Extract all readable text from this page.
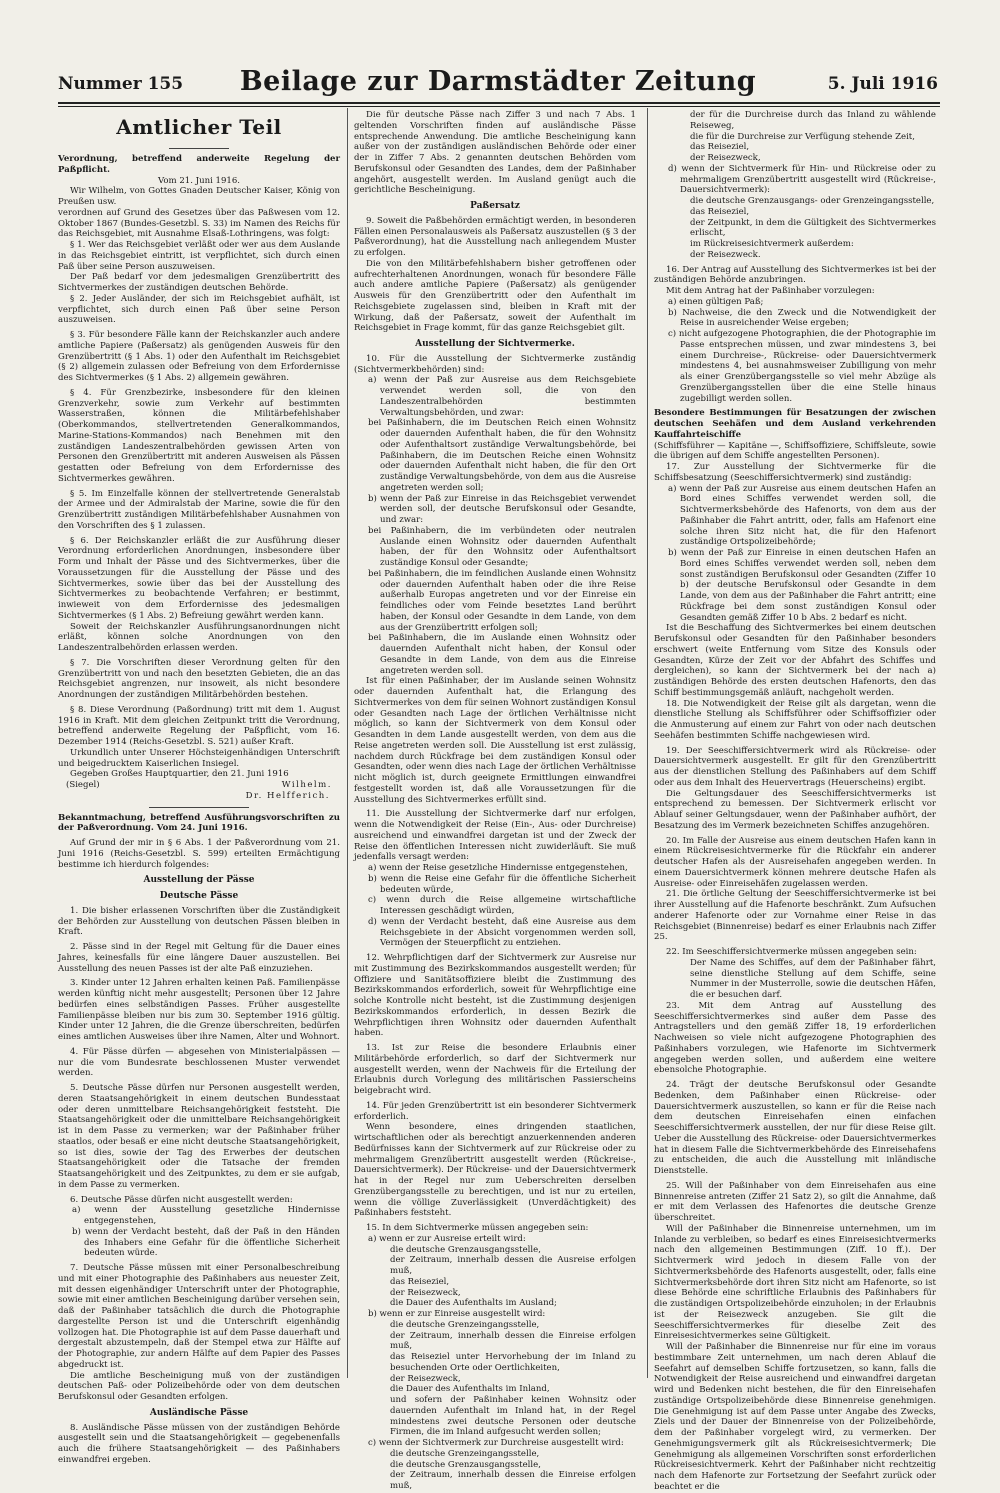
Nummer 155	Beilage zur Darmstädter Zeitung	5. Juli 1916
Amtlicher Teil

Verordnung, betreffend anderweite Regelung der Paßpflicht.

Vom 21. Juni 1916.

Wir Wilhelm, von Gottes Gnaden Deutscher Kaiser, König von Preußen usw.

verordnen auf Grund des Gesetzes über das Paßwesen vom 12. Oktober 1867 (Bundes-Gesetzbl. S. 33) im Namen des Reichs für das Reichsgebiet, mit Ausnahme Elsaß-Lothringens, was folgt:

§ 1. Wer das Reichsgebiet verläßt oder wer aus dem Auslande in das Reichsgebiet eintritt, ist verpflichtet, sich durch einen Paß über seine Person auszuweisen.

Der Paß bedarf vor dem jedesmaligen Grenzübertritt des Sichtvermerkes der zuständigen deutschen Behörde.

§ 2. Jeder Ausländer, der sich im Reichsgebiet aufhält, ist verpflichtet, sich durch einen Paß über seine Person auszuweisen.

§ 3. Für besondere Fälle kann der Reichskanzler auch andere amtliche Papiere (Paßersatz) als genügenden Ausweis für den Grenzübertritt (§ 1 Abs. 1) oder den Aufenthalt im Reichsgebiet (§ 2) allgemein zulassen oder Befreiung von dem Erfordernisse des Sichtvermerkes (§ 1 Abs. 2) allgemein gewähren.

§ 4. Für Grenzbezirke, insbesondere für den kleinen Grenzverkehr, sowie zum Verkehr auf bestimmten Wasserstraßen, können die Militärbefehlshaber (Oberkommandos, stellvertretenden Generalkommandos, Marine-Stations-Kommandos) nach Benehmen mit den zuständigen Landeszentralbehörden gewissen Arten von Personen den Grenzübertritt mit anderen Ausweisen als Pässen gestatten oder Befreiung von dem Erfordernisse des Sichtvermerkes gewähren.

§ 5. Im Einzelfalle können der stellvertretende Generalstab der Armee und der Admiralstab der Marine, sowie die für den Grenzübertritt zuständigen Militärbefehlshaber Ausnahmen von den Vorschriften des § 1 zulassen.

§ 6. Der Reichskanzler erläßt die zur Ausführung dieser Verordnung erforderlichen Anordnungen, insbesondere über Form und Inhalt der Pässe und des Sichtvermerkes, über die Voraussetzungen für die Ausstellung der Pässe und des Sichtvermerkes, sowie über das bei der Ausstellung des Sichtvermerkes zu beobachtende Verfahren; er bestimmt, inwieweit von dem Erfordernisse des jedesmaligen Sichtvermerkes (§ 1 Abs. 2) Befreiung gewährt werden kann.

Soweit der Reichskanzler Ausführungsanordnungen nicht erläßt, können solche Anordnungen von den Landeszentralbehörden erlassen werden.

§ 7. Die Vorschriften dieser Verordnung gelten für den Grenzübertritt von und nach den besetzten Gebieten, die an das Reichsgebiet angrenzen, nur insoweit, als nicht besondere Anordnungen der zuständigen Militärbehörden bestehen.

§ 8. Diese Verordnung (Paßordnung) tritt mit dem 1. August 1916 in Kraft. Mit dem gleichen Zeitpunkt tritt die Verordnung, betreffend anderweite Regelung der Paßpflicht, vom 16. Dezember 1914 (Reichs-Gesetzbl. S. 521) außer Kraft.

Urkundlich unter Unserer Höchsteigenhändigen Unterschrift und beigedrucktem Kaiserlichen Insiegel.

Gegeben Großes Hauptquartier, den 21. Juni 1916

(Siegel)	Wilhelm.

Dr. Helfferich.

Bekanntmachung, betreffend Ausführungsvorschriften zu der Paßverordnung. Vom 24. Juni 1916.

Auf Grund der mir in § 6 Abs. 1 der Paßverordnung vom 21. Juni 1916 (Reichs-Gesetzbl. S. 599) erteilten Ermächtigung bestimme ich hierdurch folgendes:

Ausstellung der Pässe
Deutsche Pässe

1. Die bisher erlassenen Vorschriften über die Zuständigkeit der Behörden zur Ausstellung von deutschen Pässen bleiben in Kraft.

2. Pässe sind in der Regel mit Geltung für die Dauer eines Jahres, keinesfalls für eine längere Dauer auszustellen. Bei Ausstellung des neuen Passes ist der alte Paß einzuziehen.

3. Kinder unter 12 Jahren erhalten keinen Paß. Familienpässe werden künftig nicht mehr ausgestellt; Personen über 12 Jahre bedürfen eines selbständigen Passes. Früher ausgestellte Familienpässe bleiben nur bis zum 30. September 1916 gültig. Kinder unter 12 Jahren, die die Grenze überschreiten, bedürfen eines amtlichen Ausweises über ihre Namen, Alter und Wohnort.

4. Für Pässe dürfen — abgesehen von Ministerialpässen — nur die vom Bundesrate beschlossenen Muster verwendet werden.

5. Deutsche Pässe dürfen nur Personen ausgestellt werden, deren Staatsangehörigkeit in einem deutschen Bundesstaat oder deren unmittelbare Reichsangehörigkeit feststeht. Die Staatsangehörigkeit oder die unmittelbare Reichsangehörigkeit ist in dem Passe zu vermerken; war der Paßinhaber früher staatlos, oder besaß er eine nicht deutsche Staatsangehörigkeit, so ist dies, sowie der Tag des Erwerbes der deutschen Staatsangehörigkeit oder die Tatsache der fremden Staatsangehörigkeit und des Zeitpunktes, zu dem er sie aufgab, in dem Passe zu vermerken.

6. Deutsche Pässe dürfen nicht ausgestellt werden:

a) wenn der Ausstellung gesetzliche Hindernisse entgegenstehen,

b) wenn der Verdacht besteht, daß der Paß in den Händen des Inhabers eine Gefahr für die öffentliche Sicherheit bedeuten würde.

7. Deutsche Pässe müssen mit einer Personalbeschreibung und mit einer Photographie des Paßinhabers aus neuester Zeit, mit dessen eigenhändiger Unterschrift unter der Photographie, sowie mit einer amtlichen Bescheinigung darüber versehen sein, daß der Paßinhaber tatsächlich die durch die Photographie dargestellte Person ist und die Unterschrift eigenhändig vollzogen hat. Die Photographie ist auf dem Passe dauerhaft und dergestalt abzustempeln, daß der Stempel etwa zur Hälfte auf der Photographie, zur andern Hälfte auf dem Papier des Passes abgedruckt ist.

Die amtliche Bescheinigung muß von der zuständigen deutschen Paß- oder Polizeibehörde oder von dem deutschen Berufskonsul oder Gesandten erfolgen.

Ausländische Pässe

8. Ausländische Pässe müssen von der zuständigen Behörde ausgestellt sein und die Staatsangehörigkeit — gegebenenfalls auch die frühere Staatsangehörigkeit — des Paßinhabers einwandfrei ergeben.

Die für deutsche Pässe nach Ziffer 3 und nach 7 Abs. 1 geltenden Vorschriften finden auf ausländische Pässe entsprechende Anwendung. Die amtliche Bescheinigung kann außer von der zuständigen ausländischen Behörde oder einer der in Ziffer 7 Abs. 2 genannten deutschen Behörden vom Berufskonsul oder Gesandten des Landes, dem der Paßinhaber angehört, ausgestellt werden. Im Ausland genügt auch die gerichtliche Bescheinigung.

Paßersatz

9. Soweit die Paßbehörden ermächtigt werden, in besonderen Fällen einen Personalausweis als Paßersatz auszustellen (§ 3 der Paßverordnung), hat die Ausstellung nach anliegendem Muster zu erfolgen.

Die von den Militärbefehlshabern bisher getroffenen oder aufrechterhaltenen Anordnungen, wonach für besondere Fälle auch andere amtliche Papiere (Paßersatz) als genügender Ausweis für den Grenzübertritt oder den Aufenthalt im Reichsgebiete zugelassen sind, bleiben in Kraft mit der Wirkung, daß der Paßersatz, soweit der Aufenthalt im Reichsgebiet in Frage kommt, für das ganze Reichsgebiet gilt.

Ausstellung der Sichtvermerke.

10. Für die Ausstellung der Sichtvermerke zuständig (Sichtvermerkbehörden) sind:

a) wenn der Paß zur Ausreise aus dem Reichsgebiete verwendet werden soll, die von den Landeszentralbehörden bestimmten Verwaltungsbehörden, und zwar:

bei Paßinhabern, die im Deutschen Reich einen Wohnsitz oder dauernden Aufenthalt haben, die für den Wohnsitz oder Aufenthaltsort zuständige Verwaltungsbehörde, bei Paßinhabern, die im Deutschen Reiche einen Wohnsitz oder dauernden Aufenthalt nicht haben, die für den Ort zuständige Verwaltungsbehörde, von dem aus die Ausreise angetreten werden soll;

b) wenn der Paß zur Einreise in das Reichsgebiet verwendet werden soll, der deutsche Berufskonsul oder Gesandte, und zwar:

bei Paßinhabern, die im verbündeten oder neutralen Auslande einen Wohnsitz oder dauernden Aufenthalt haben, der für den Wohnsitz oder Aufenthaltsort zuständige Konsul oder Gesandte;

bei Paßinhabern, die im feindlichen Auslande einen Wohnsitz oder dauernden Aufenthalt haben oder die ihre Reise außerhalb Europas angetreten und vor der Einreise ein feindliches oder vom Feinde besetztes Land berührt haben, der Konsul oder Gesandte in dem Lande, von dem aus der Grenzübertritt erfolgen soll;

bei Paßinhabern, die im Auslande einen Wohnsitz oder dauernden Aufenthalt nicht haben, der Konsul oder Gesandte in dem Lande, von dem aus die Einreise angetreten werden soll.

Ist für einen Paßinhaber, der im Auslande seinen Wohnsitz oder dauernden Aufenthalt hat, die Erlangung des Sichtvermerkes von dem für seinen Wohnort zuständigen Konsul oder Gesandten nach Lage der örtlichen Verhältnisse nicht möglich, so kann der Sichtvermerk von dem Konsul oder Gesandten in dem Lande ausgestellt werden, von dem aus die Reise angetreten werden soll. Die Ausstellung ist erst zulässig, nachdem durch Rückfrage bei dem zuständigen Konsul oder Gesandten, oder wenn dies nach Lage der örtlichen Verhältnisse nicht möglich ist, durch geeignete Ermittlungen einwandfrei festgestellt worden ist, daß alle Voraussetzungen für die Ausstellung des Sichtvermerkes erfüllt sind.

11. Die Ausstellung der Sichtvermerke darf nur erfolgen, wenn die Notwendigkeit der Reise (Ein-, Aus- oder Durchreise) ausreichend und einwandfrei dargetan ist und der Zweck der Reise den öffentlichen Interessen nicht zuwiderläuft. Sie muß jedenfalls versagt werden:

a) wenn der Reise gesetzliche Hindernisse entgegenstehen,

b) wenn die Reise eine Gefahr für die öffentliche Sicherheit bedeuten würde,

c) wenn durch die Reise allgemeine wirtschaftliche Interessen geschädigt würden,

d) wenn der Verdacht besteht, daß eine Ausreise aus dem Reichsgebiete in der Absicht vorgenommen werden soll, Vermögen der Steuerpflicht zu entziehen.

12. Wehrpflichtigen darf der Sichtvermerk zur Ausreise nur mit Zustimmung des Bezirkskommandos ausgestellt werden; für Offiziere und Sanitätsoffiziere bleibt die Zustimmung des Bezirkskommandos erforderlich, soweit für Wehrpflichtige eine solche Kontrolle nicht besteht, ist die Zustimmung desjenigen Bezirkskommandos erforderlich, in dessen Bezirk die Wehrpflichtigen ihren Wohnsitz oder dauernden Aufenthalt haben.

13. Ist zur Reise die besondere Erlaubnis einer Militärbehörde erforderlich, so darf der Sichtvermerk nur ausgestellt werden, wenn der Nachweis für die Erteilung der Erlaubnis durch Vorlegung des militärischen Passierscheins beigebracht wird.

14. Für jeden Grenzübertritt ist ein besonderer Sichtvermerk erforderlich.

Wenn besondere, eines dringenden staatlichen, wirtschaftlichen oder als berechtigt anzuerkennenden anderen Bedürfnisses kann der Sichtvermerk auf zur Rückreise oder zu mehrmaligem Grenzübertritt ausgestellt werden (Rückreise-, Dauersichtvermerk). Der Rückreise- und der Dauersichtvermerk hat in der Regel nur zum Ueberschreiten derselben Grenzübergangsstelle zu berechtigen, und ist nur zu erteilen, wenn die völlige Zuverlässigkeit (Unverdächtigkeit) des Paßinhabers feststeht.

15. In dem Sichtvermerke müssen angegeben sein:

a) wenn er zur Ausreise erteilt wird:

die deutsche Grenzausgangsstelle,

der Zeitraum, innerhalb dessen die Ausreise erfolgen muß,

das Reiseziel,

der Reisezweck,

die Dauer des Aufenthalts im Ausland;

b) wenn er zur Einreise ausgestellt wird:

die deutsche Grenzeingangsstelle,

der Zeitraum, innerhalb dessen die Einreise erfolgen muß,

das Reiseziel unter Hervorhebung der im Inland zu besuchenden Orte oder Oertlichkeiten,

der Reisezweck,

die Dauer des Aufenthalts im Inland,

und sofern der Paßinhaber keinen Wohnsitz oder dauernden Aufenthalt im Inland hat, in der Regel mindestens zwei deutsche Personen oder deutsche Firmen, die im Inland aufgesucht werden sollen;

c) wenn der Sichtvermerk zur Durchreise ausgestellt wird:

die deutsche Grenzeingangsstelle,

die deutsche Grenzausgangsstelle,

der Zeitraum, innerhalb dessen die Einreise erfolgen muß,

der für die Durchreise durch das Inland zu wählende Reiseweg,

die für die Durchreise zur Verfügung stehende Zeit,

das Reiseziel,

der Reisezweck,

d) wenn der Sichtvermerk für Hin- und Rückreise oder zu mehrmaligem Grenzübertritt ausgestellt wird (Rückreise-, Dauersichtvermerk):

die deutsche Grenzausgangs- oder Grenzeingangsstelle,

das Reiseziel,

der Zeitpunkt, in dem die Gültigkeit des Sichtvermerkes erlischt,

im Rückreisesichtvermerk außerdem:

der Reisezweck.

16. Der Antrag auf Ausstellung des Sichtvermerkes ist bei der zuständigen Behörde anzubringen.

Mit dem Antrag hat der Paßinhaber vorzulegen:

a) einen gültigen Paß;

b) Nachweise, die den Zweck und die Notwendigkeit der Reise in ausreichender Weise ergeben;

c) nicht aufgezogene Photographien, die der Photographie im Passe entsprechen müssen, und zwar mindestens 3, bei einem Durchreise-, Rückreise- oder Dauersichtvermerk mindestens 4, bei ausnahmsweiser Zubilligung von mehr als einer Grenzübergangsstelle so viel mehr Abzüge als Grenzübergangsstellen über die eine Stelle hinaus zugebilligt werden sollen.

Besondere Bestimmungen für Besatzungen der zwischen deutschen Seehäfen und dem Ausland verkehrenden Kauffahrteischiffe

(Schiffsführer — Kapitäne —, Schiffsoffiziere, Schiffsleute, sowie die übrigen auf dem Schiffe angestellten Personen).

17. Zur Ausstellung der Sichtvermerke für die Schiffsbesatzung (Seeschiffersichtvermerk) sind zuständig:

a) wenn der Paß zur Ausreise aus einem deutschen Hafen an Bord eines Schiffes verwendet werden soll, die Sichtvermerksbehörde des Hafenorts, von dem aus der Paßinhaber die Fahrt antritt, oder, falls am Hafenort eine solche ihren Sitz nicht hat, die für den Hafenort zuständige Ortspolizeibehörde;

b) wenn der Paß zur Einreise in einen deutschen Hafen an Bord eines Schiffes verwendet werden soll, neben dem sonst zuständigen Berufskonsul oder Gesandten (Ziffer 10 b) der deutsche Berufskonsul oder Gesandte in dem Lande, von dem aus der Paßinhaber die Fahrt antritt; eine Rückfrage bei dem sonst zuständigen Konsul oder Gesandten gemäß Ziffer 10 b Abs. 2 bedarf es nicht.

Ist die Beschaffung des Sichtvermerkes bei einem deutschen Berufskonsul oder Gesandten für den Paßinhaber besonders erschwert (weite Entfernung vom Sitze des Konsuls oder Gesandten, Kürze der Zeit vor der Abfahrt des Schiffes und dergleichen), so kann der Sichtvermerk bei der nach a) zuständigen Behörde des ersten deutschen Hafenorts, den das Schiff bestimmungsgemäß anläuft, nachgeholt werden.

18. Die Notwendigkeit der Reise gilt als dargetan, wenn die dienstliche Stellung als Schiffsführer oder Schiffsoffizier oder die Anmusterung auf einem zur Fahrt von oder nach deutschen Seehäfen bestimmten Schiffe nachgewiesen wird.

19. Der Seeschiffersichtvermerk wird als Rückreise- oder Dauersichtvermerk ausgestellt. Er gilt für den Grenzübertritt aus der dienstlichen Stellung des Paßinhabers auf dem Schiff oder aus dem Inhalt des Heuervertrags (Heuerscheins) ergibt.

Die Geltungsdauer des Seeschiffersichtvermerks ist entsprechend zu bemessen. Der Sichtvermerk erlischt vor Ablauf seiner Geltungsdauer, wenn der Paßinhaber aufhört, der Besatzung des im Vermerk bezeichneten Schiffes anzugehören.

20. Im Falle der Ausreise aus einem deutschen Hafen kann in einem Rückreisesichtvermerke für die Rückfahr ein anderer deutscher Hafen als der Ausreisehafen angegeben werden. In einem Dauersichtvermerk können mehrere deutsche Hafen als Ausreise- oder Einreisehäfen zugelassen werden.

21. Die örtliche Geltung der Seeschiffersichtvermerke ist bei ihrer Ausstellung auf die Hafenorte beschränkt. Zum Aufsuchen anderer Hafenorte oder zur Vornahme einer Reise in das Reichsgebiet (Binnenreise) bedarf es einer Erlaubnis nach Ziffer 25.

22. Im Seeschiffersichtvermerke müssen angegeben sein:

Der Name des Schiffes, auf dem der Paßinhaber fährt, seine dienstliche Stellung auf dem Schiffe, seine Nummer in der Musterrolle, sowie die deutschen Häfen, die er besuchen darf.

23. Mit dem Antrag auf Ausstellung des Seeschiffersichtvermerkes sind außer dem Passe des Antragstellers und den gemäß Ziffer 18, 19 erforderlichen Nachweisen so viele nicht aufgezogene Photographien des Paßinhabers vorzulegen, wie Hafenorte im Sichtvermerk angegeben werden sollen, und außerdem eine weitere ebensolche Photographie.

24. Trägt der deutsche Berufskonsul oder Gesandte Bedenken, dem Paßinhaber einen Rückreise- oder Dauersichtvermerk auszustellen, so kann er für die Reise nach dem deutschen Einreisehafen einen einfachen Seeschiffersichtvermerk ausstellen, der nur für diese Reise gilt. Ueber die Ausstellung des Rückreise- oder Dauersichtvermerkes hat in diesem Falle die Sichtvermerkbehörde des Einreisehafens zu entscheiden, die auch die Ausstellung mit inländische Dienststelle.

25. Will der Paßinhaber von dem Einreisehafen aus eine Binnenreise antreten (Ziffer 21 Satz 2), so gilt die Annahme, daß er mit dem Verlassen des Hafenortes die deutsche Grenze überschreitet.

Will der Paßinhaber die Binnenreise unternehmen, um im Inlande zu verbleiben, so bedarf es eines Einreisesichtvermerks nach den allgemeinen Bestimmungen (Ziff. 10 ff.). Der Sichtvermerk wird jedoch in diesem Falle von der Sichtvermerksbehörde des Hafenorts ausgestellt, oder, falls eine Sichtvermerksbehörde dort ihren Sitz nicht am Hafenorte, so ist diese Behörde eine schriftliche Erlaubnis des Paßinhabers für die zuständigen Ortspolizeibehörde einzuholen; in der Erlaubnis ist der Reisezweck anzugeben. Sie gilt die Seeschiffersichtvermerkes für dieselbe Zeit des Einreisesichtvermerkes seine Gültigkeit.

Will der Paßinhaber die Binnenreise nur für eine im voraus bestimmbare Zeit unternehmen, um nach deren Ablauf die Seefahrt auf demselben Schiffe fortzusetzen, so kann, falls die Notwendigkeit der Reise ausreichend und einwandfrei dargetan wird und Bedenken nicht bestehen, die für den Einreisehafen zuständige Ortspolizeibehörde diese Binnenreise genehmigen. Die Genehmigung ist auf dem Passe unter Angabe des Zwecks, Ziels und der Dauer der Binnenreise von der Polizeibehörde, dem der Paßinhaber vorgelegt wird, zu vermerken. Der Genehmigungsvermerk gilt als Rückreisesichtvermerk; Die Genehmigung als allgemeinen Vorschriften sonst erforderlichen Rückreisesichtvermerk. Kehrt der Paßinhaber nicht rechtzeitig nach dem Hafenorte zur Fortsetzung der Seefahrt zurück oder beachtet er die
